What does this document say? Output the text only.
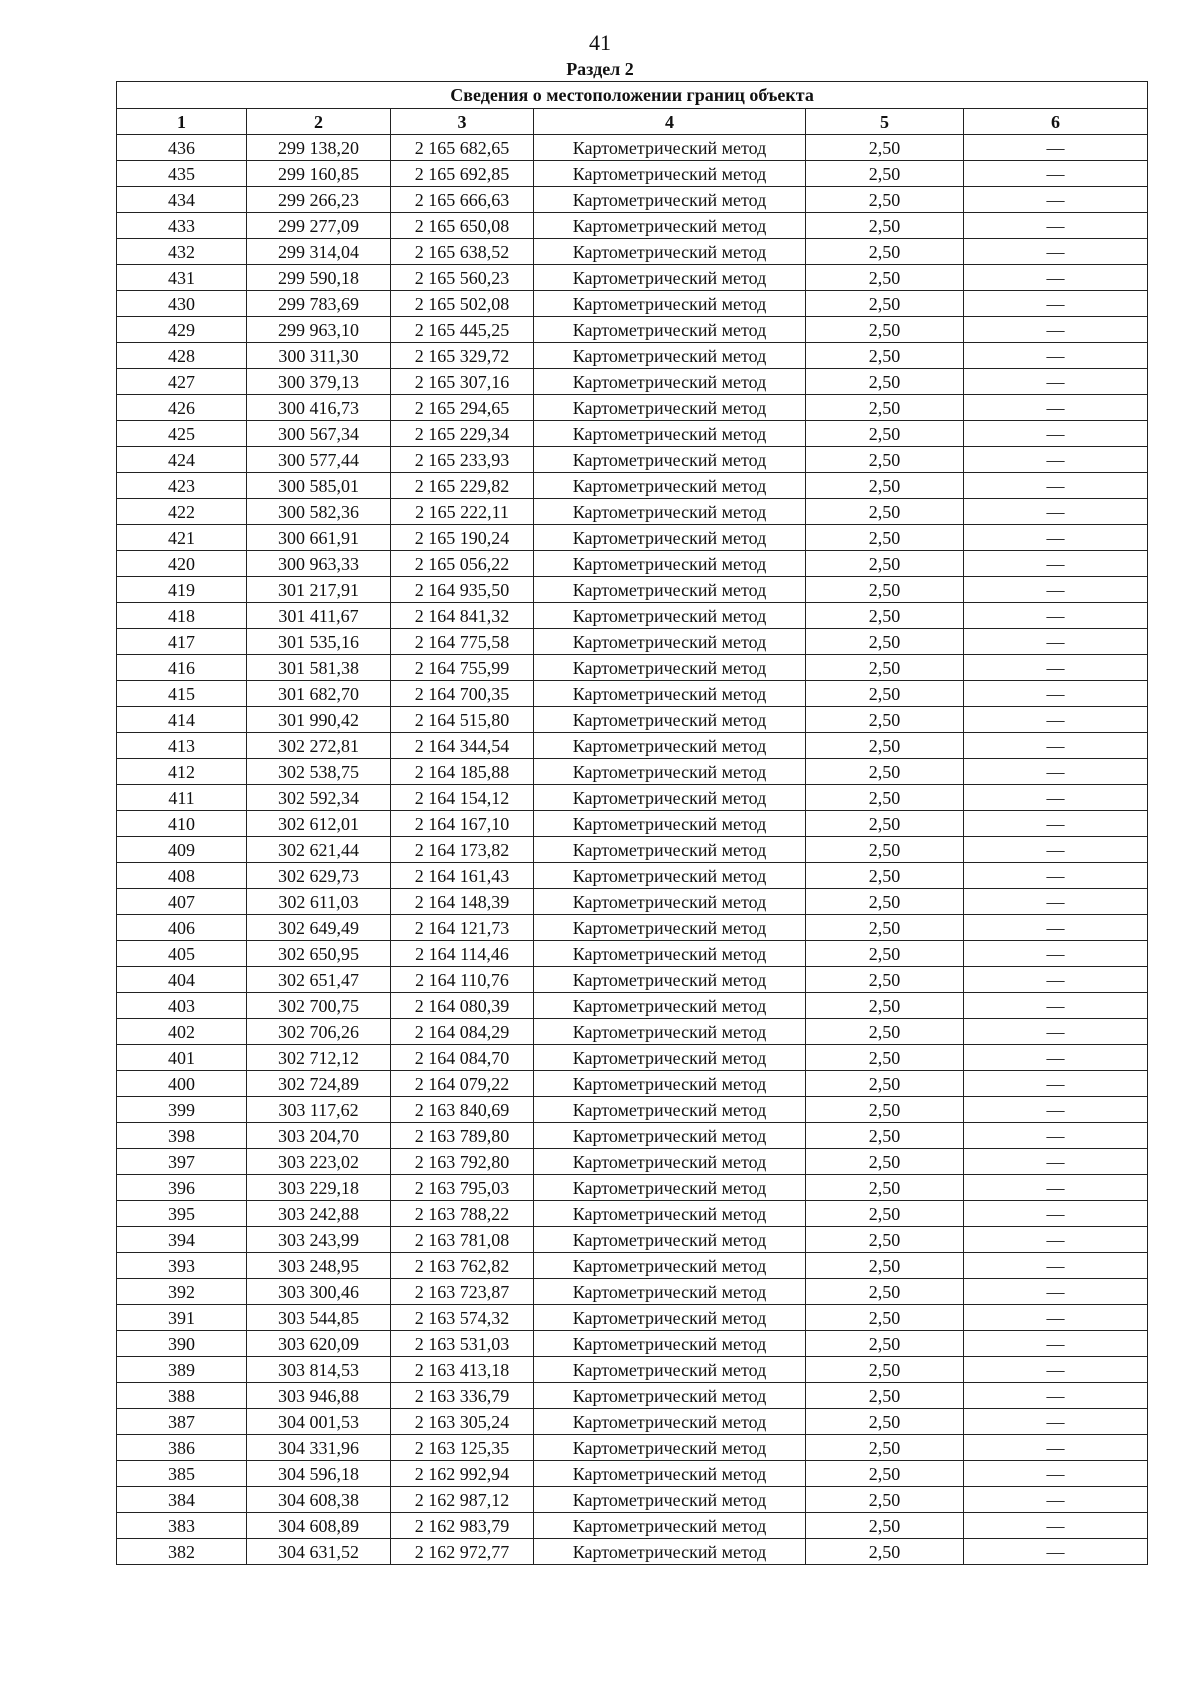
41
Раздел 2
Сведения о местоположении границ объекта					
1	2	3	4	5	6
436	299 138,20	2 165 682,65	Картометрический метод	2,50	—
435	299 160,85	2 165 692,85	Картометрический метод	2,50	—
434	299 266,23	2 165 666,63	Картометрический метод	2,50	—
433	299 277,09	2 165 650,08	Картометрический метод	2,50	—
432	299 314,04	2 165 638,52	Картометрический метод	2,50	—
431	299 590,18	2 165 560,23	Картометрический метод	2,50	—
430	299 783,69	2 165 502,08	Картометрический метод	2,50	—
429	299 963,10	2 165 445,25	Картометрический метод	2,50	—
428	300 311,30	2 165 329,72	Картометрический метод	2,50	—
427	300 379,13	2 165 307,16	Картометрический метод	2,50	—
426	300 416,73	2 165 294,65	Картометрический метод	2,50	—
425	300 567,34	2 165 229,34	Картометрический метод	2,50	—
424	300 577,44	2 165 233,93	Картометрический метод	2,50	—
423	300 585,01	2 165 229,82	Картометрический метод	2,50	—
422	300 582,36	2 165 222,11	Картометрический метод	2,50	—
421	300 661,91	2 165 190,24	Картометрический метод	2,50	—
420	300 963,33	2 165 056,22	Картометрический метод	2,50	—
419	301 217,91	2 164 935,50	Картометрический метод	2,50	—
418	301 411,67	2 164 841,32	Картометрический метод	2,50	—
417	301 535,16	2 164 775,58	Картометрический метод	2,50	—
416	301 581,38	2 164 755,99	Картометрический метод	2,50	—
415	301 682,70	2 164 700,35	Картометрический метод	2,50	—
414	301 990,42	2 164 515,80	Картометрический метод	2,50	—
413	302 272,81	2 164 344,54	Картометрический метод	2,50	—
412	302 538,75	2 164 185,88	Картометрический метод	2,50	—
411	302 592,34	2 164 154,12	Картометрический метод	2,50	—
410	302 612,01	2 164 167,10	Картометрический метод	2,50	—
409	302 621,44	2 164 173,82	Картометрический метод	2,50	—
408	302 629,73	2 164 161,43	Картометрический метод	2,50	—
407	302 611,03	2 164 148,39	Картометрический метод	2,50	—
406	302 649,49	2 164 121,73	Картометрический метод	2,50	—
405	302 650,95	2 164 114,46	Картометрический метод	2,50	—
404	302 651,47	2 164 110,76	Картометрический метод	2,50	—
403	302 700,75	2 164 080,39	Картометрический метод	2,50	—
402	302 706,26	2 164 084,29	Картометрический метод	2,50	—
401	302 712,12	2 164 084,70	Картометрический метод	2,50	—
400	302 724,89	2 164 079,22	Картометрический метод	2,50	—
399	303 117,62	2 163 840,69	Картометрический метод	2,50	—
398	303 204,70	2 163 789,80	Картометрический метод	2,50	—
397	303 223,02	2 163 792,80	Картометрический метод	2,50	—
396	303 229,18	2 163 795,03	Картометрический метод	2,50	—
395	303 242,88	2 163 788,22	Картометрический метод	2,50	—
394	303 243,99	2 163 781,08	Картометрический метод	2,50	—
393	303 248,95	2 163 762,82	Картометрический метод	2,50	—
392	303 300,46	2 163 723,87	Картометрический метод	2,50	—
391	303 544,85	2 163 574,32	Картометрический метод	2,50	—
390	303 620,09	2 163 531,03	Картометрический метод	2,50	—
389	303 814,53	2 163 413,18	Картометрический метод	2,50	—
388	303 946,88	2 163 336,79	Картометрический метод	2,50	—
387	304 001,53	2 163 305,24	Картометрический метод	2,50	—
386	304 331,96	2 163 125,35	Картометрический метод	2,50	—
385	304 596,18	2 162 992,94	Картометрический метод	2,50	—
384	304 608,38	2 162 987,12	Картометрический метод	2,50	—
383	304 608,89	2 162 983,79	Картометрический метод	2,50	—
382	304 631,52	2 162 972,77	Картометрический метод	2,50	—
